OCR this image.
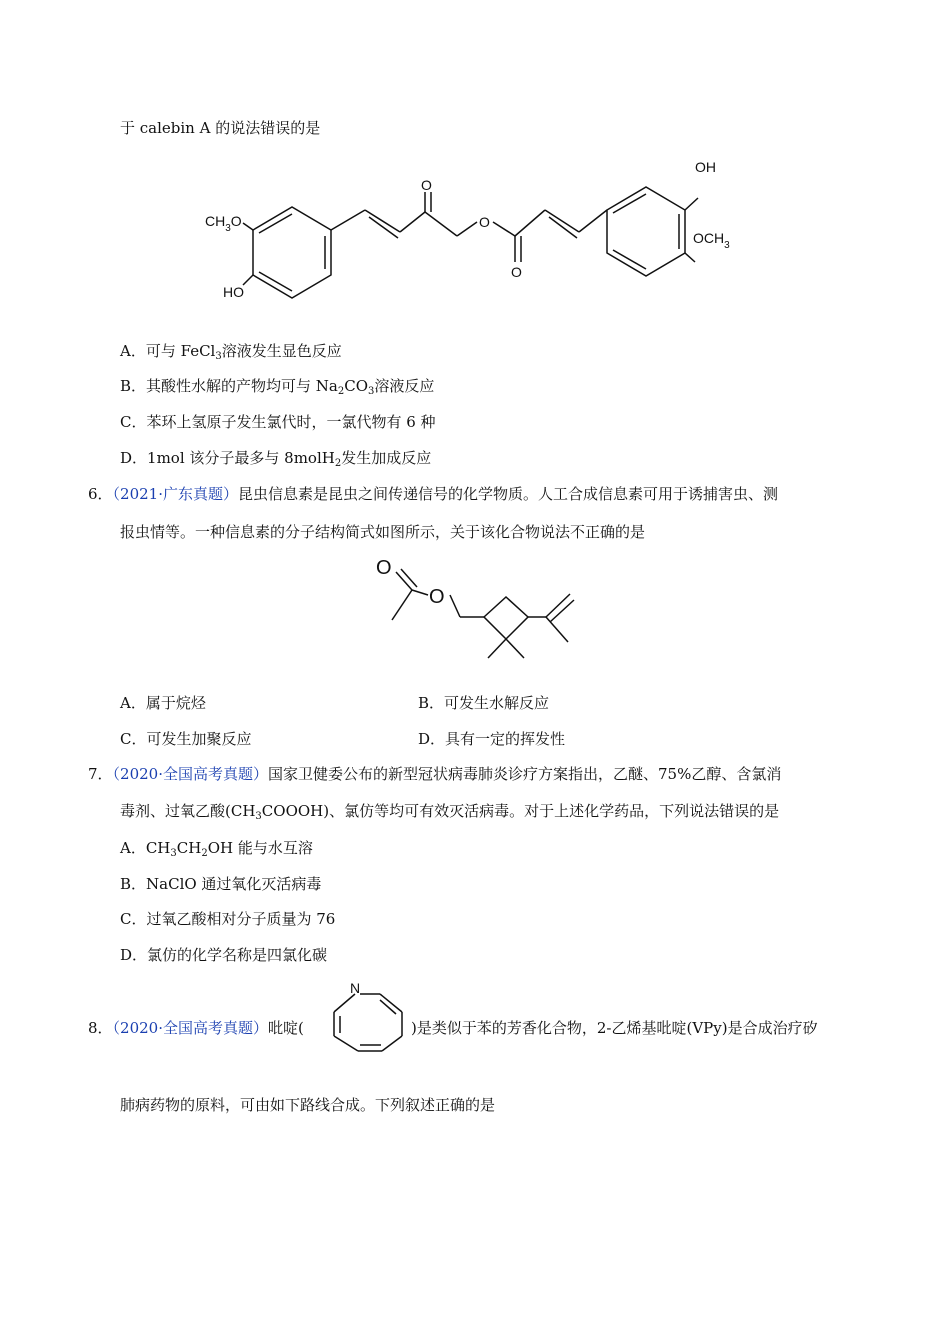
于 calebin A 的说法错误的是
$CH_3O$
HO
O
O
O
OH
$OCH_3$
A．可与 FeCl$_3$溶液发生显色反应
B．其酸性水解的产物均可与 $Na_2CO_3$溶液反应
C．苯环上氢原子发生氯代时，一氯代物有 6 种
D．1mol 该分子最多与 8molH$_2$发生加成反应
6．（2021·广东真题）昆虫信息素是昆虫之间传递信号的化学物质。人工合成信息素可用于诱捕害虫、测
报虫情等。一种信息素的分子结构简式如图所示，关于该化合物说法不正确的是
O
O
A．属于烷烃	B．可发生水解反应
C．可发生加聚反应	D．具有一定的挥发性
7．（2020·全国高考真题）国家卫健委公布的新型冠状病毒肺炎诊疗方案指出，乙醚、75%乙醇、含氯消
毒剂、过氧乙酸$(CH_3COOOH)$、氯仿等均可有效灭活病毒。对于上述化学药品，下列说法错误的是
A．$CH_3CH_2OH$ 能与水互溶
B．NaClO 通过氧化灭活病毒
C．过氧乙酸相对分子质量为 76
D．氯仿的化学名称是四氯化碳
8．（2020·全国高考真题）吡啶(
N
)是类似于苯的芳香化合物，2-乙烯基吡啶(VPy)是合成治疗矽
肺病药物的原料，可由如下路线合成。下列叙述正确的是
